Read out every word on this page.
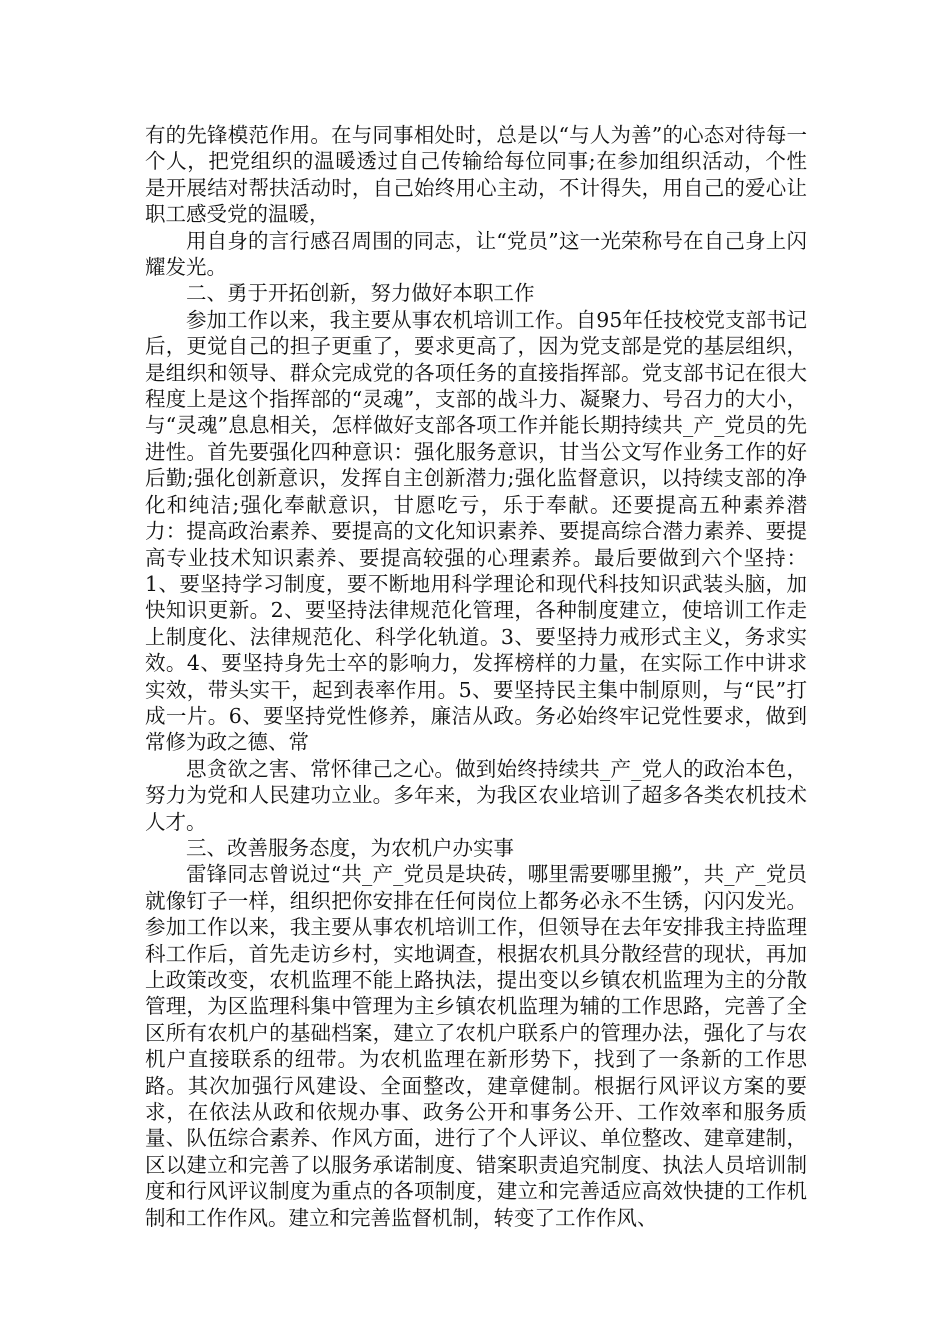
有的先锋模范作用。在与同事相处时，总是以“与人为善”的心态对待每一个人，把党组织的温暖透过自己传输给每位同事;在参加组织活动，个性是开展结对帮扶活动时，自己始终用心主动，不计得失，用自己的爱心让职工感受党的温暖，

用自身的言行感召周围的同志，让“党员”这一光荣称号在自己身上闪耀发光。

二、勇于开拓创新，努力做好本职工作

参加工作以来，我主要从事农机培训工作。自95年任技校党支部书记后，更觉自己的担子更重了，要求更高了，因为党支部是党的基层组织，是组织和领导、群众完成党的各项任务的直接指挥部。党支部书记在很大程度上是这个指挥部的“灵魂”，支部的战斗力、凝聚力、号召力的大小，与“灵魂”息息相关，怎样做好支部各项工作并能长期持续共_产_党员的先进性。首先要强化四种意识：强化服务意识，甘当公文写作业务工作的好后勤;强化创新意识，发挥自主创新潜力;强化监督意识，以持续支部的净化和纯洁;强化奉献意识，甘愿吃亏，乐于奉献。还要提高五种素养潜力：提高政治素养、要提高的文化知识素养、要提高综合潜力素养、要提高专业技术知识素养、要提高较强的心理素养。最后要做到六个坚持：1、要坚持学习制度，要不断地用科学理论和现代科技知识武装头脑，加快知识更新。2、要坚持法律规范化管理，各种制度建立，使培训工作走上制度化、法律规范化、科学化轨道。3、要坚持力戒形式主义，务求实效。4、要坚持身先士卒的影响力，发挥榜样的力量，在实际工作中讲求实效，带头实干，起到表率作用。5、要坚持民主集中制原则，与“民”打成一片。6、要坚持党性修养，廉洁从政。务必始终牢记党性要求，做到常修为政之德、常

思贪欲之害、常怀律己之心。做到始终持续共_产_党人的政治本色，努力为党和人民建功立业。多年来，为我区农业培训了超多各类农机技术人才。

三、改善服务态度，为农机户办实事

雷锋同志曾说过“共_产_党员是块砖，哪里需要哪里搬”，共_产_党员就像钉子一样，组织把你安排在任何岗位上都务必永不生锈，闪闪发光。参加工作以来，我主要从事农机培训工作，但领导在去年安排我主持监理科工作后，首先走访乡村，实地调查，根据农机具分散经营的现状，再加上政策改变，农机监理不能上路执法，提出变以乡镇农机监理为主的分散管理，为区监理科集中管理为主乡镇农机监理为辅的工作思路，完善了全区所有农机户的基础档案，建立了农机户联系户的管理办法，强化了与农机户直接联系的纽带。为农机监理在新形势下，找到了一条新的工作思路。其次加强行风建设、全面整改，建章健制。根据行风评议方案的要求，在依法从政和依规办事、政务公开和事务公开、工作效率和服务质量、队伍综合素养、作风方面，进行了个人评议、单位整改、建章建制，区以建立和完善了以服务承诺制度、错案职责追究制度、执法人员培训制度和行风评议制度为重点的各项制度，建立和完善适应高效快捷的工作机制和工作作风。建立和完善监督机制，转变了工作作风、
